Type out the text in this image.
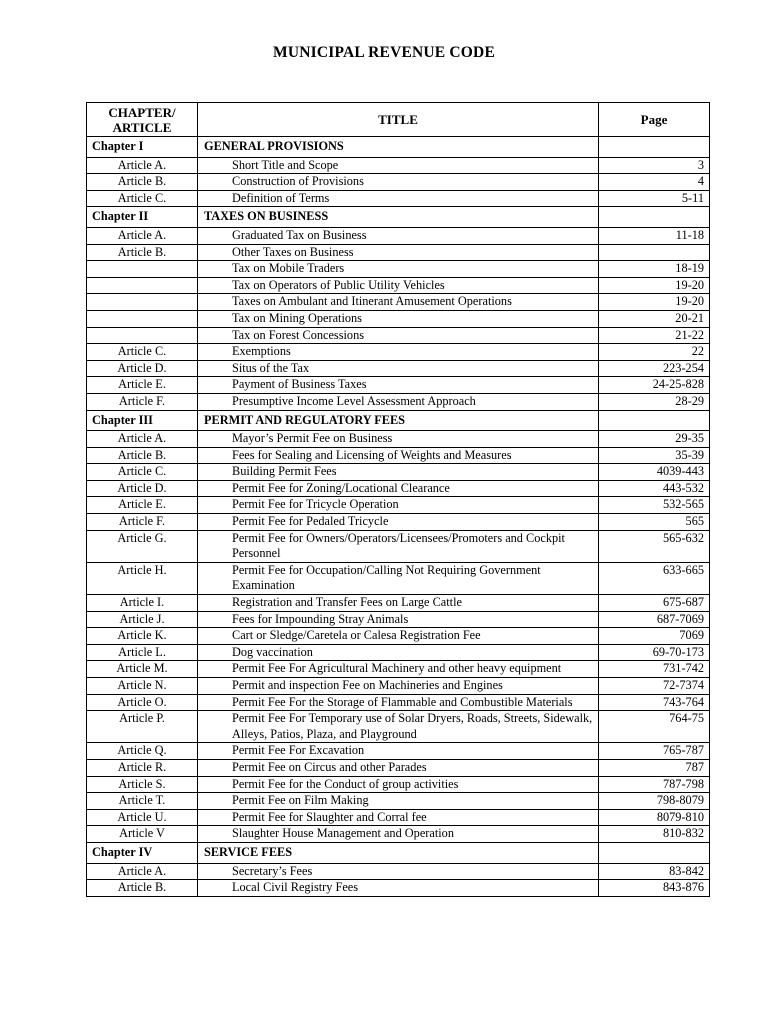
MUNICIPAL REVENUE CODE
CHAPTER/ ARTICLE	TITLE	Page
Chapter I	GENERAL PROVISIONS	
Article A.	Short Title and Scope	3
Article B.	Construction of Provisions	4
Article C.	Definition of Terms	5-11
Chapter II	TAXES ON BUSINESS	
Article A.	Graduated Tax on Business	11-18
Article B.	Other Taxes on Business	
	Tax on Mobile Traders	18-19
	Tax on Operators of Public Utility Vehicles	19-20
	Taxes on Ambulant and Itinerant Amusement Operations	19-20
	Tax on Mining Operations	20-21
	Tax on Forest Concessions	21-22
Article C.	Exemptions	22
Article D.	Situs of the Tax	223-254
Article E.	Payment of Business Taxes	24-25-828
Article F.	Presumptive Income Level Assessment Approach	28-29
Chapter III	PERMIT AND REGULATORY FEES	
Article A.	Mayor’s Permit Fee on Business	29-35
Article B.	Fees for Sealing and Licensing of Weights and Measures	35-39
Article C.	Building Permit Fees	4039-443
Article D.	Permit Fee for Zoning/Locational Clearance	443-532
Article E.	Permit Fee for Tricycle Operation	532-565
Article F.	Permit Fee for Pedaled Tricycle	565
Article G.	Permit Fee for Owners/Operators/Licensees/Promoters and Cockpit Personnel	565-632
Article H.	Permit Fee for Occupation/Calling Not Requiring Government Examination	633-665
Article I.	Registration and Transfer Fees on Large Cattle	675-687
Article J.	Fees for Impounding Stray Animals	687-7069
Article K.	Cart or Sledge/Caretela or Calesa Registration Fee	7069
Article L.	Dog vaccination	69-70-173
Article M.	Permit Fee For Agricultural Machinery and other heavy equipment	731-742
Article N.	Permit and inspection Fee on Machineries and Engines	72-7374
Article O.	Permit Fee For the Storage of Flammable and Combustible Materials	743-764
Article P.	Permit Fee For Temporary use of Solar Dryers, Roads, Streets, Sidewalk, Alleys, Patios, Plaza, and Playground	764-75
Article Q.	Permit Fee For Excavation	765-787
Article R.	Permit Fee on Circus and other Parades	787
Article S.	Permit Fee for the Conduct of group activities	787-798
Article T.	Permit Fee on Film Making	798-8079
Article U.	Permit Fee for Slaughter and Corral fee	8079-810
Article V	Slaughter House Management and Operation	810-832
Chapter IV	SERVICE FEES	
Article A.	Secretary’s Fees	83-842
Article B.	Local Civil Registry Fees	843-876
